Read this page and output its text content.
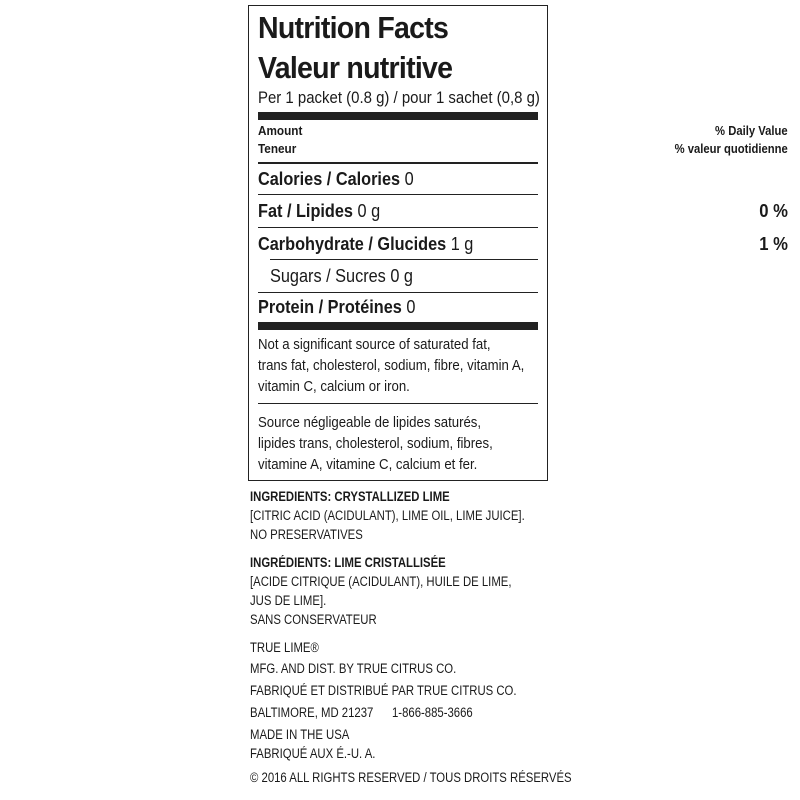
Nutrition Facts
Valeur nutritive
Per 1 packet (0.8 g) / pour 1 sachet (0,8 g)
Amount
Teneur
% Daily Value
% valeur quotidienne
Calories / Calories 0
Fat / Lipides 0 g	0 %
Carbohydrate / Glucides 1 g	1 %
Sugars / Sucres 0 g
Protein / Protéines 0
Not a significant source of saturated fat,
trans fat, cholesterol, sodium, fibre, vitamin A,
vitamin C, calcium or iron.
Source négligeable de lipides saturés,
lipides trans, cholesterol, sodium, fibres,
vitamine A, vitamine C, calcium et fer.
INGREDIENTS: CRYSTALLIZED LIME
[CITRIC ACID (ACIDULANT), LIME OIL, LIME JUICE].
NO PRESERVATIVES
INGRÉDIENTS: LIME CRISTALLISÉE
[ACIDE CITRIQUE (ACIDULANT), HUILE DE LIME,
JUS DE LIME].
SANS CONSERVATEUR
TRUE LIME®
MFG. AND DIST. BY TRUE CITRUS CO.
FABRIQUÉ ET DISTRIBUÉ PAR TRUE CITRUS CO.
BALTIMORE, MD 21237 1-866-885-3666
MADE IN THE USA
FABRIQUÉ AUX É.-U. A.
© 2016 ALL RIGHTS RESERVED / TOUS DROITS RÉSERVÉS
